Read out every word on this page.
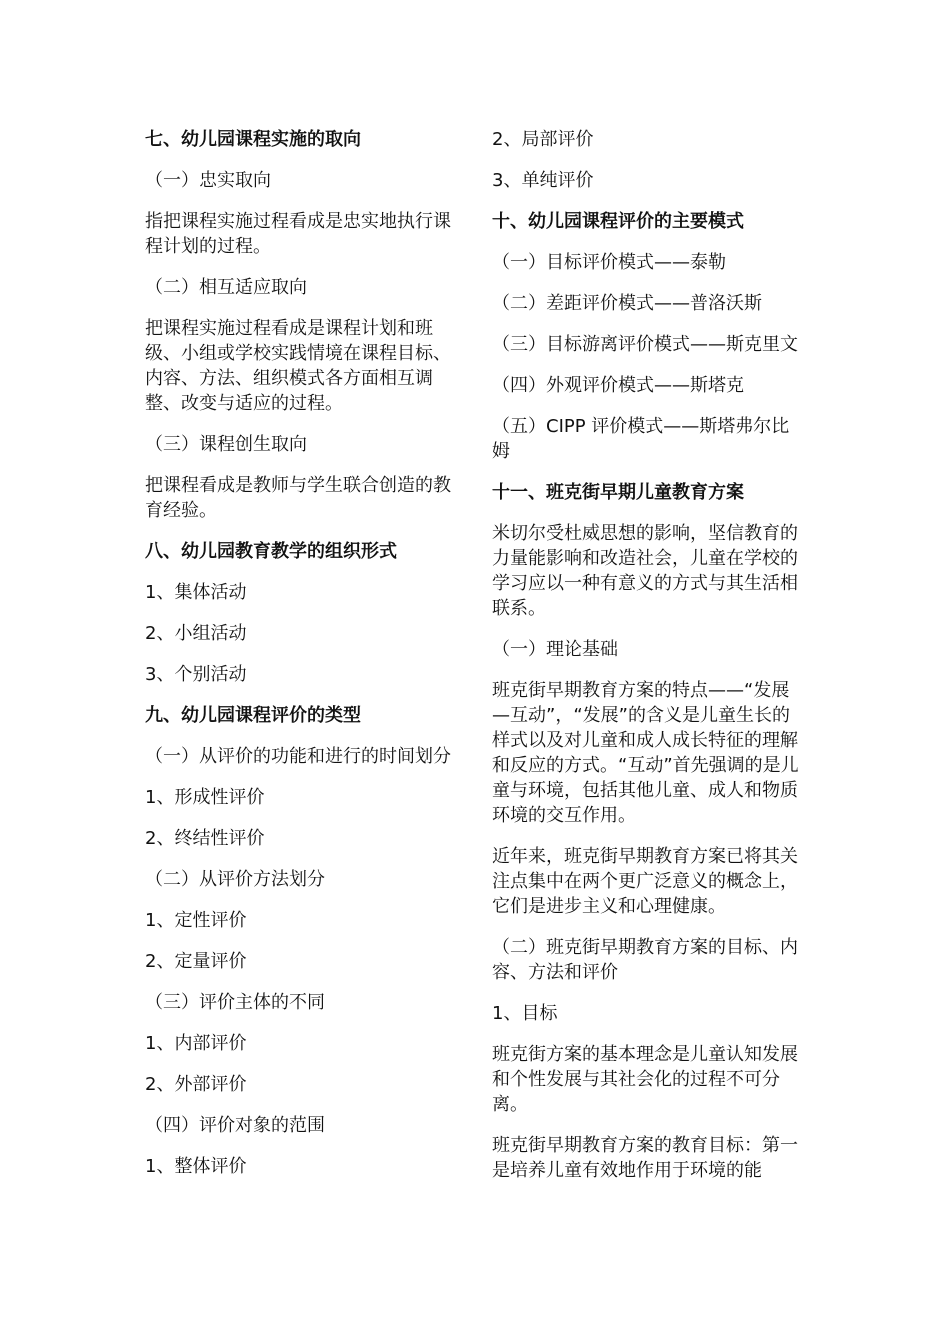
七、幼儿园课程实施的取向

（一）忠实取向

指把课程实施过程看成是忠实地执行课程计划的过程。

（二）相互适应取向

把课程实施过程看成是课程计划和班级、小组或学校实践情境在课程目标、内容、方法、组织模式各方面相互调整、改变与适应的过程。

（三）课程创生取向

把课程看成是教师与学生联合创造的教育经验。

八、幼儿园教育教学的组织形式

1、集体活动

2、小组活动

3、个别活动

九、幼儿园课程评价的类型

（一）从评价的功能和进行的时间划分

1、形成性评价

2、终结性评价

（二）从评价方法划分

1、定性评价

2、定量评价

（三）评价主体的不同

1、内部评价

2、外部评价

（四）评价对象的范围

1、整体评价

2、局部评价

3、单纯评价

十、幼儿园课程评价的主要模式

（一）目标评价模式——泰勒

（二）差距评价模式——普洛沃斯

（三）目标游离评价模式——斯克里文

（四）外观评价模式——斯塔克

（五）CIPP 评价模式——斯塔弗尔比姆

十一、班克街早期儿童教育方案

米切尔受杜威思想的影响，坚信教育的力量能影响和改造社会，儿童在学校的学习应以一种有意义的方式与其生活相联系。

（一）理论基础

班克街早期教育方案的特点——“发展—互动”，“发展”的含义是儿童生长的样式以及对儿童和成人成长特征的理解和反应的方式。“互动”首先强调的是儿童与环境，包括其他儿童、成人和物质环境的交互作用。

近年来，班克街早期教育方案已将其关注点集中在两个更广泛意义的概念上，它们是进步主义和心理健康。

（二）班克街早期教育方案的目标、内容、方法和评价

1、目标

班克街方案的基本理念是儿童认知发展和个性发展与其社会化的过程不可分离。

班克街早期教育方案的教育目标：第一是培养儿童有效地作用于环境的能
